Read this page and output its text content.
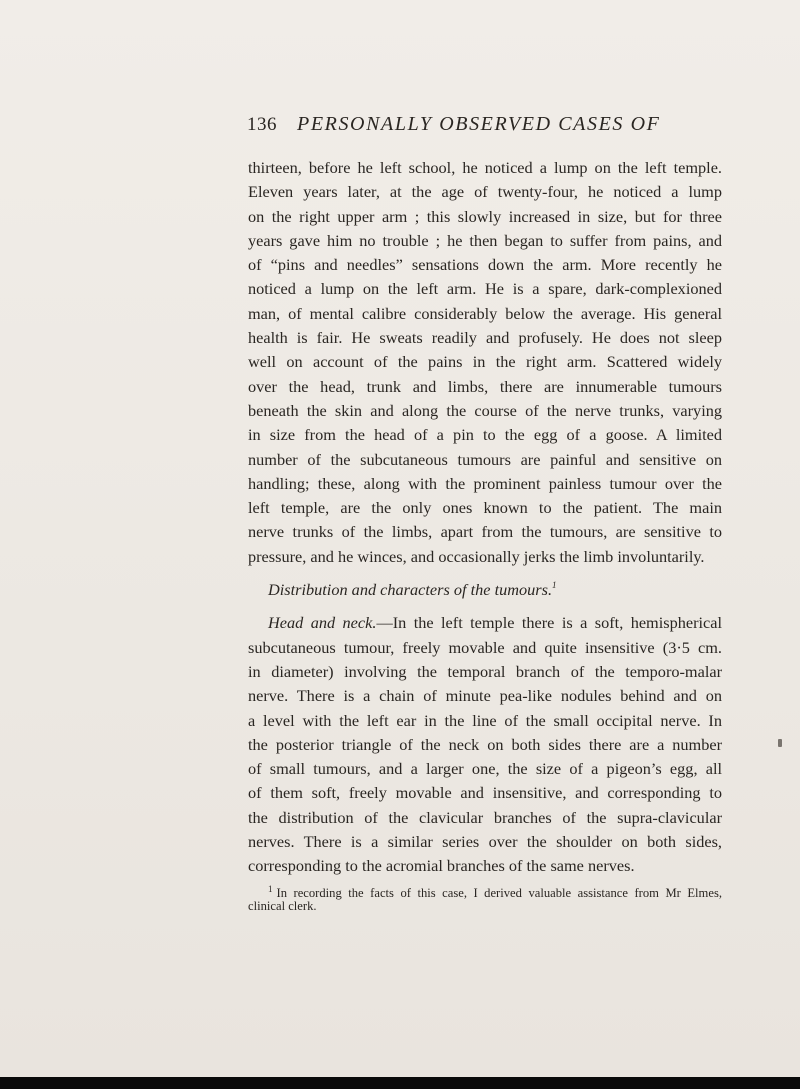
136 PERSONALLY OBSERVED CASES OF
thirteen, before he left school, he noticed a lump on the left temple.
Eleven years later, at the age of twenty-four, he noticed a lump
on the right upper arm ; this slowly increased in size, but for three
years gave him no trouble ; he then began to suffer from pains, and
of “pins and needles” sensations down the arm. More recently he
noticed a lump on the left arm. He is a spare, dark-complexioned
man, of mental calibre considerably below the average. His general
health is fair. He sweats readily and profusely. He does not sleep
well on account of the pains in the right arm. Scattered widely
over the head, trunk and limbs, there are innumerable tumours
beneath the skin and along the course of the nerve trunks, varying
in size from the head of a pin to the egg of a goose. A limited
number of the subcutaneous tumours are painful and sensitive on
handling; these, along with the prominent painless tumour over the
left temple, are the only ones known to the patient. The main
nerve trunks of the limbs, apart from the tumours, are sensitive to
pressure, and he winces, and occasionally jerks the limb involuntarily.
Distribution and characters of the tumours.$^1$
Head and neck.—In the left temple there is a soft, hemispherical
subcutaneous tumour, freely movable and quite insensitive (3·5 cm.
in diameter) involving the temporal branch of the temporo-malar
nerve. There is a chain of minute pea-like nodules behind and on
a level with the left ear in the line of the small occipital nerve. In
the posterior triangle of the neck on both sides there are a number
of small tumours, and a larger one, the size of a pigeon’s egg, all
of them soft, freely movable and insensitive, and corresponding to
the distribution of the clavicular branches of the supra-clavicular
nerves. There is a similar series over the shoulder on both sides,
corresponding to the acromial branches of the same nerves.
$^1$ In recording the facts of this case, I derived valuable assistance from Mr Elmes,
clinical clerk.
